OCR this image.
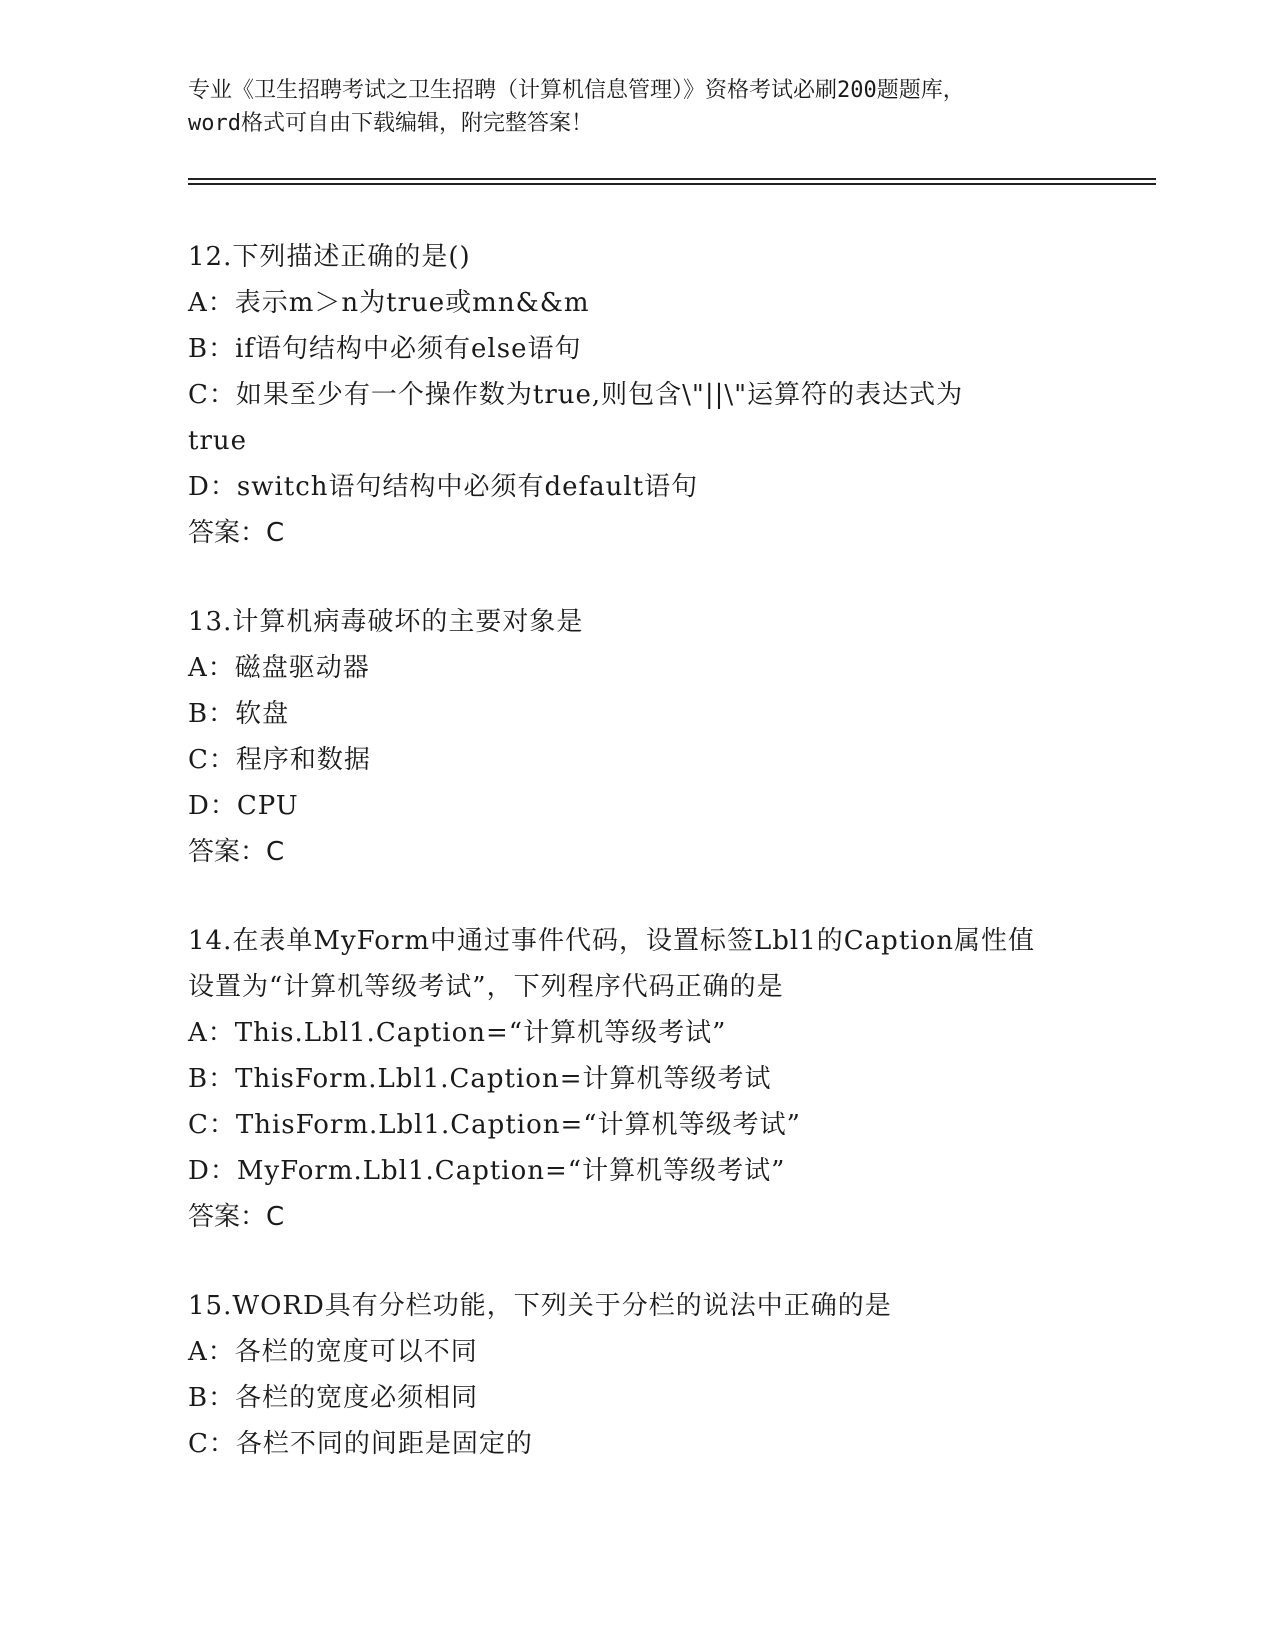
专业《卫生招聘考试之卫生招聘（计算机信息管理）》资格考试必刷200题题库，
word格式可自由下载编辑，附完整答案！
12.下列描述正确的是()
A：表示m＞n为true或mn&&m
B：if语句结构中必须有else语句
C：如果至少有一个操作数为true,则包含\"||\"运算符的表达式为
true
D：switch语句结构中必须有default语句
答案：C
13.计算机病毒破坏的主要对象是
A：磁盘驱动器
B：软盘
C：程序和数据
D：CPU
答案：C
14.在表单MyForm中通过事件代码，设置标签Lbl1的Caption属性值
设置为“计算机等级考试”，下列程序代码正确的是
A：This.Lbl1.Caption=“计算机等级考试”
B：ThisForm.Lbl1.Caption=计算机等级考试
C：ThisForm.Lbl1.Caption=“计算机等级考试”
D：MyForm.Lbl1.Caption=“计算机等级考试”
答案：C
15.WORD具有分栏功能，下列关于分栏的说法中正确的是
A：各栏的宽度可以不同
B：各栏的宽度必须相同
C：各栏不同的间距是固定的
